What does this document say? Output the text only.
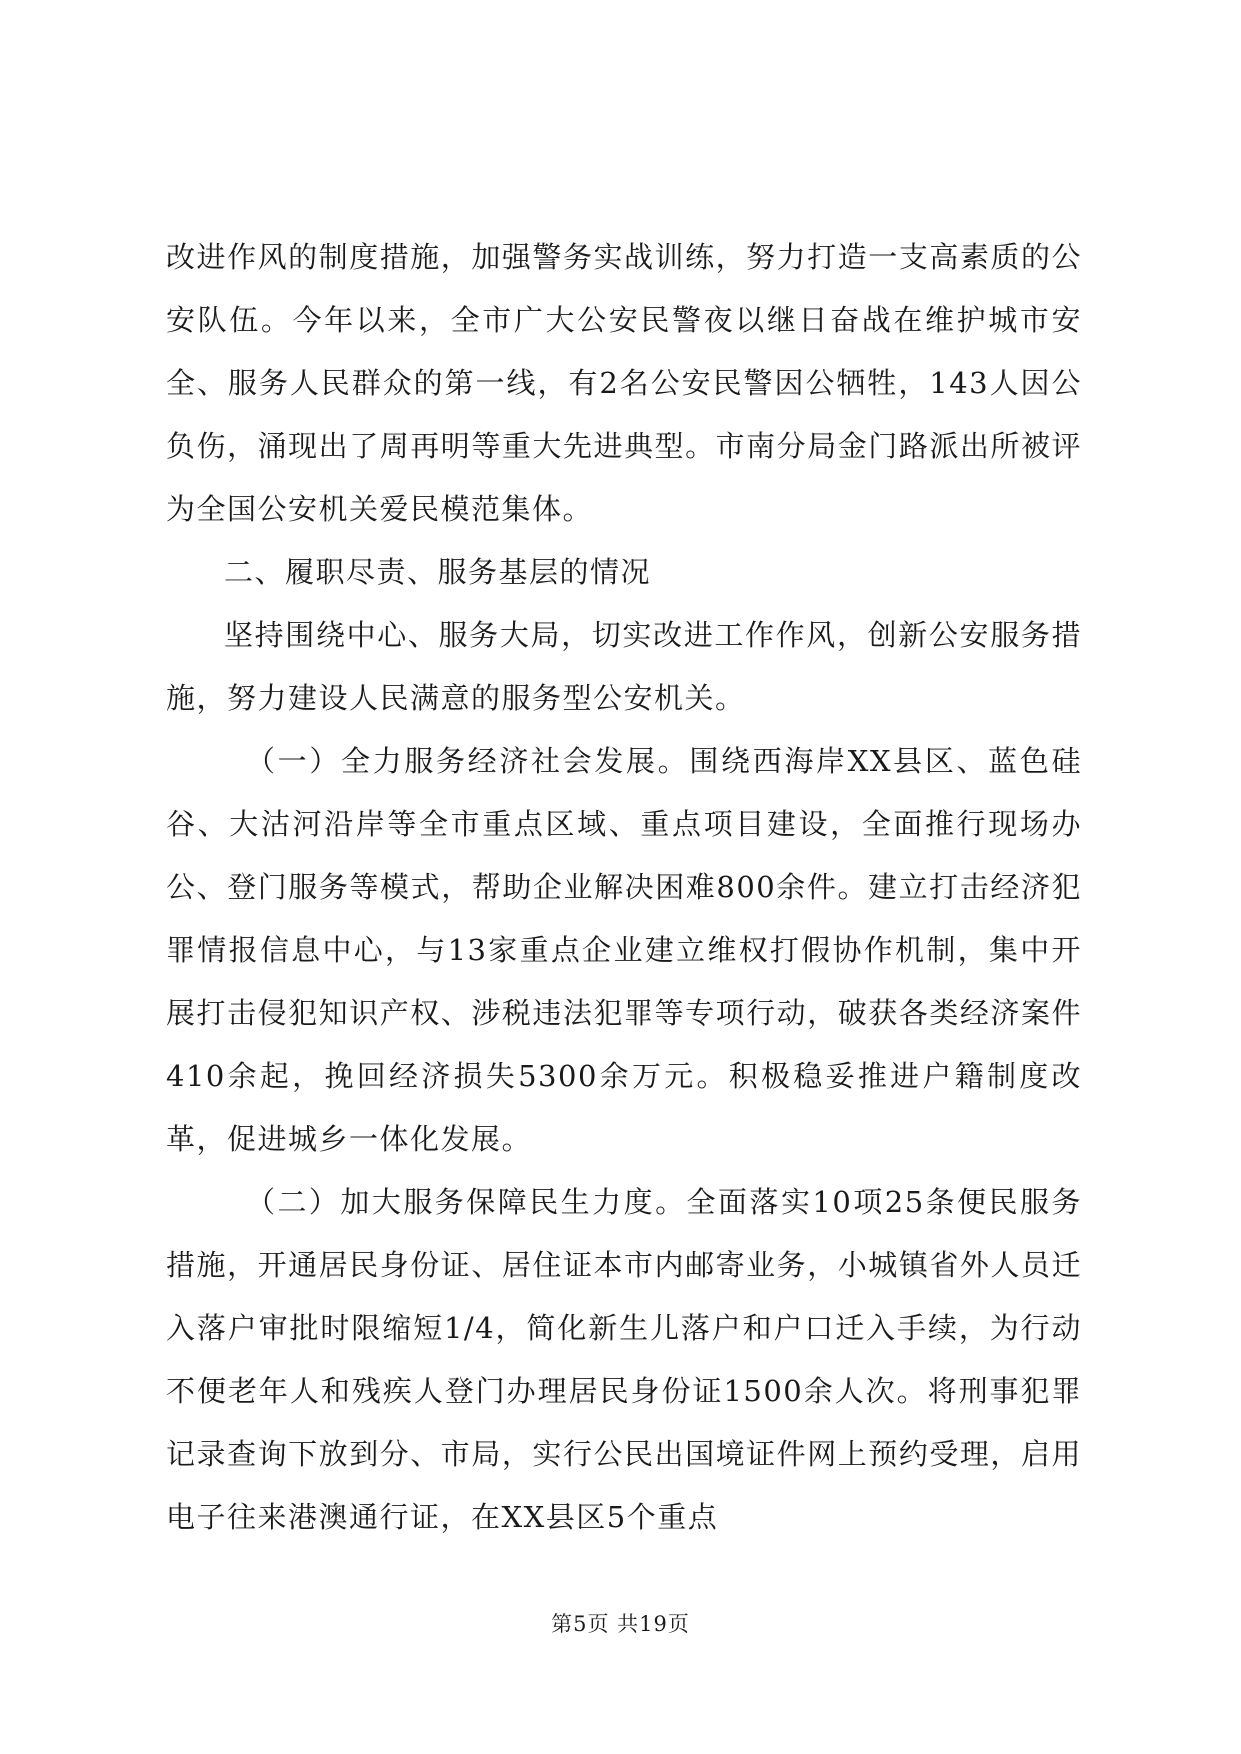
改进作风的制度措施，加强警务实战训练，努力打造一支高素质的公安队伍。今年以来，全市广大公安民警夜以继日奋战在维护城市安全、服务人民群众的第一线，有2名公安民警因公牺牲，143人因公负伤，涌现出了周再明等重大先进典型。市南分局金门路派出所被评为全国公安机关爱民模范集体。

二、履职尽责、服务基层的情况

坚持围绕中心、服务大局，切实改进工作作风，创新公安服务措施，努力建设人民满意的服务型公安机关。

（一）全力服务经济社会发展。围绕西海岸XX县区、蓝色硅谷、大沽河沿岸等全市重点区域、重点项目建设，全面推行现场办公、登门服务等模式，帮助企业解决困难800余件。建立打击经济犯罪情报信息中心，与13家重点企业建立维权打假协作机制，集中开展打击侵犯知识产权、涉税违法犯罪等专项行动，破获各类经济案件410余起，挽回经济损失5300余万元。积极稳妥推进户籍制度改革，促进城乡一体化发展。

（二）加大服务保障民生力度。全面落实10项25条便民服务措施，开通居民身份证、居住证本市内邮寄业务，小城镇省外人员迁入落户审批时限缩短1/4，简化新生儿落户和户口迁入手续，为行动不便老年人和残疾人登门办理居民身份证1500余人次。将刑事犯罪记录查询下放到分、市局，实行公民出国境证件网上预约受理，启用电子往来港澳通行证，在XX县区5个重点

第5页 共19页
